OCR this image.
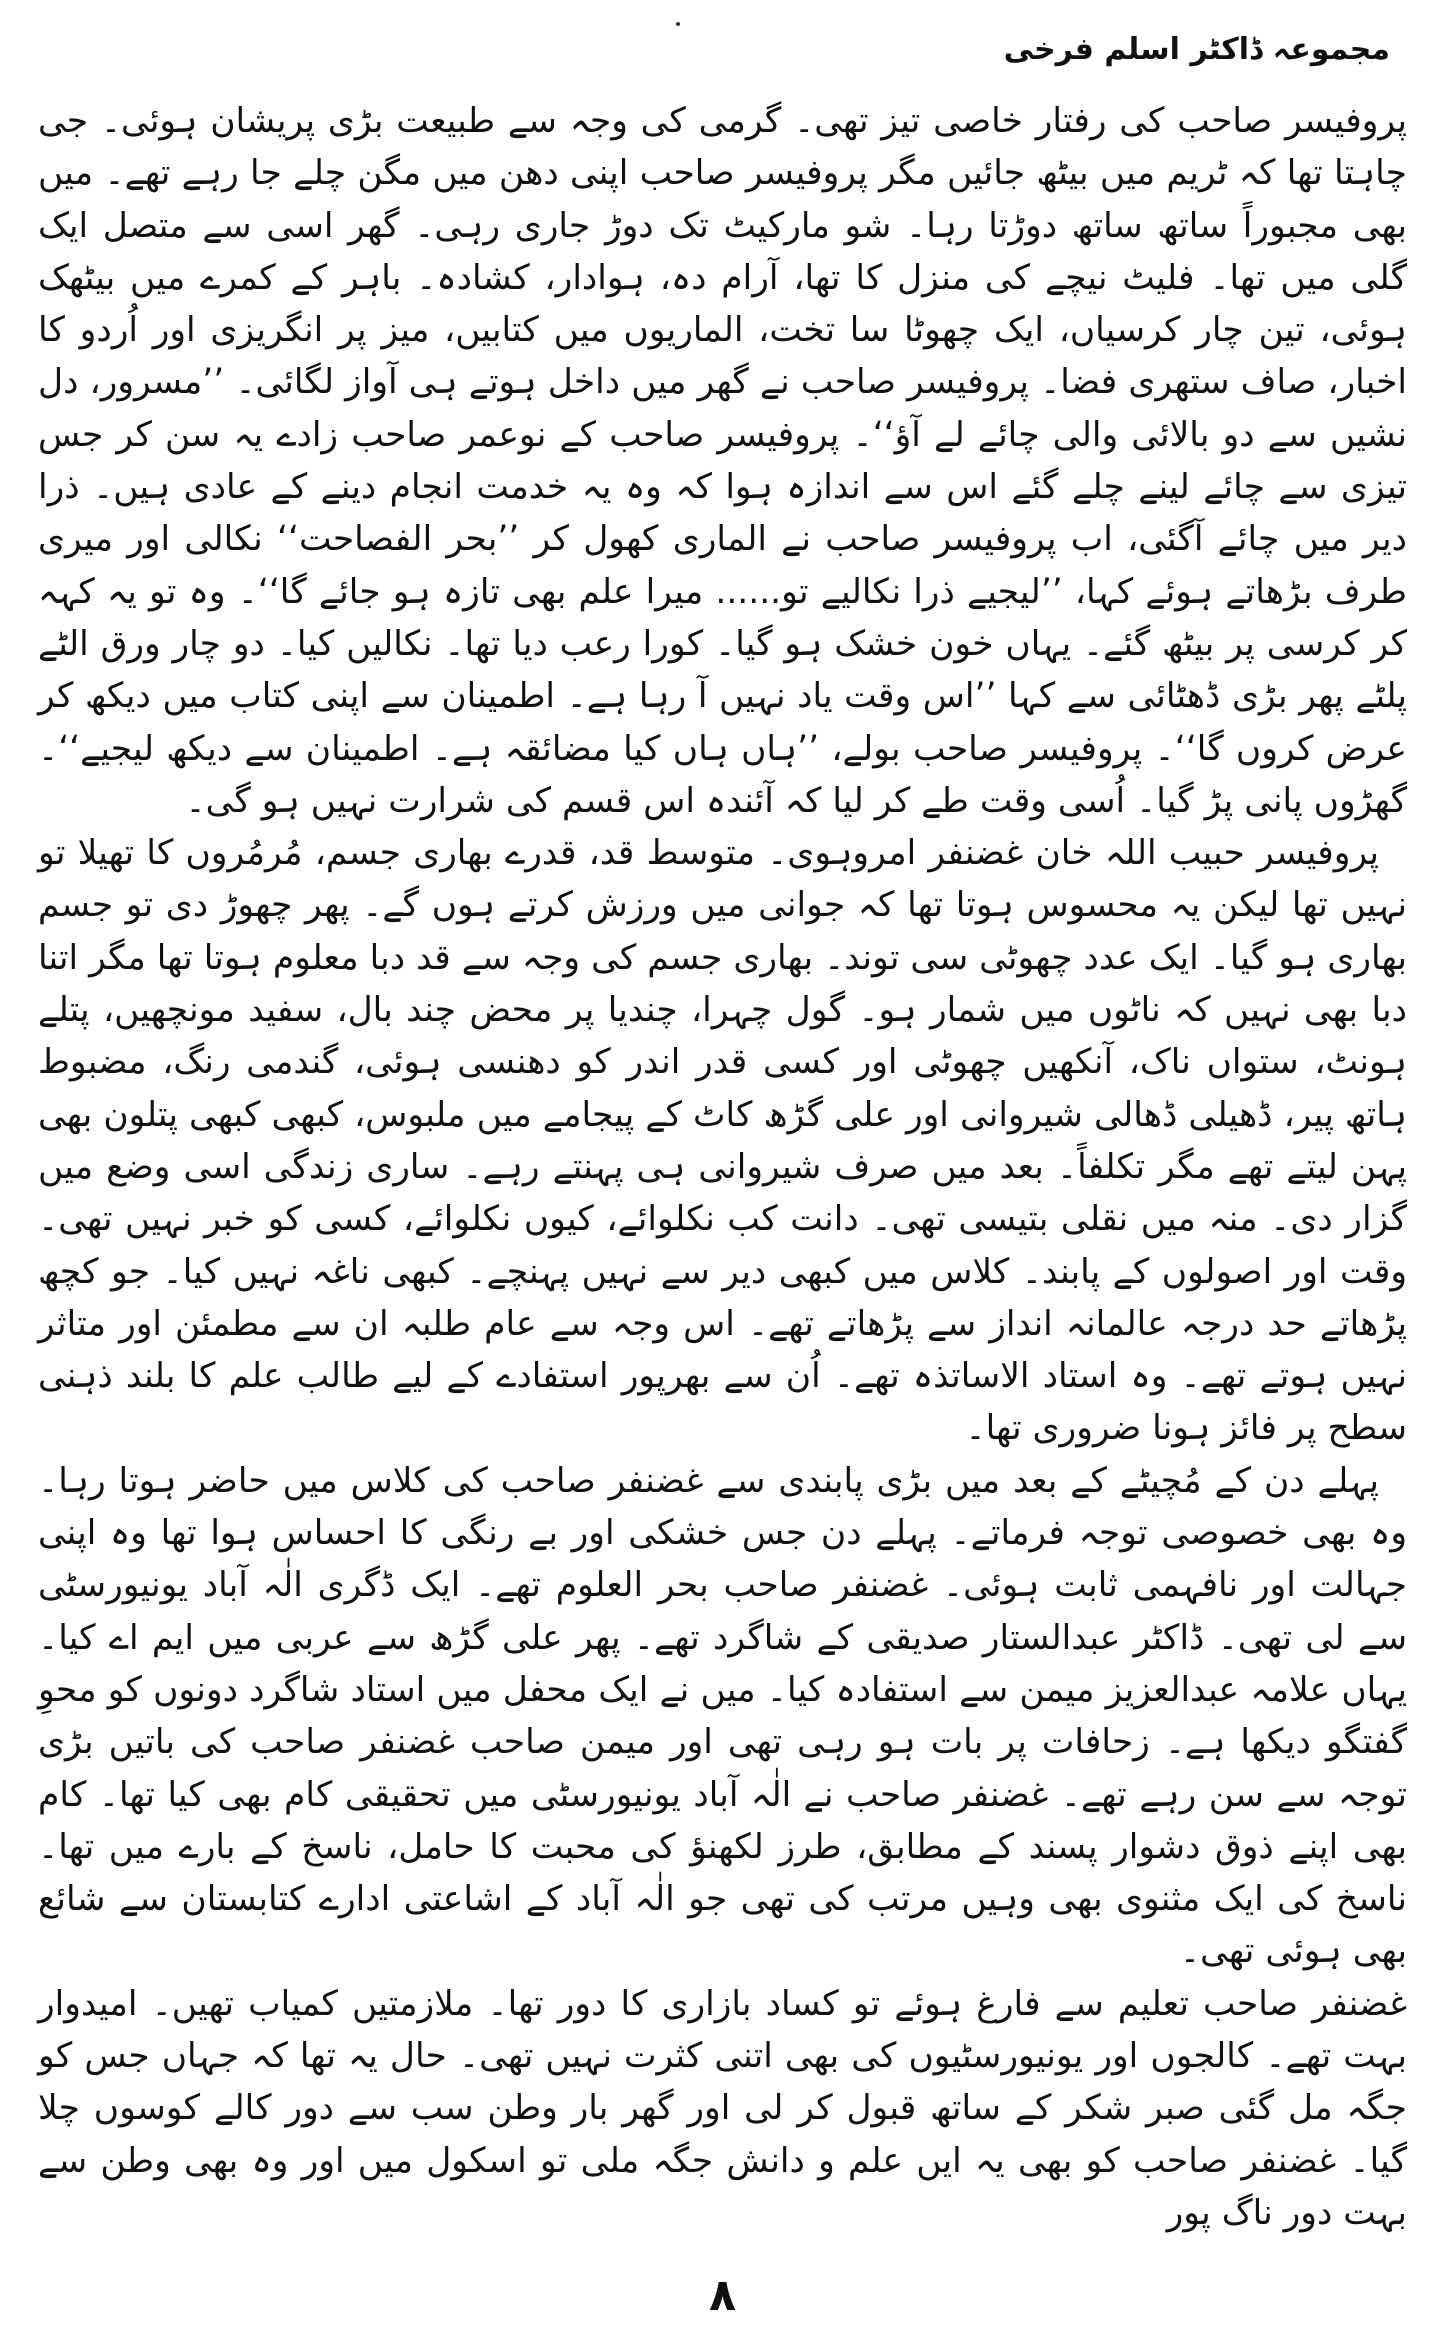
مجموعہ ڈاکٹر اسلم فرخی

پروفیسر صاحب کی رفتار خاصی تیز تھی۔ گرمی کی وجہ سے طبیعت بڑی پریشان ہوئی۔ جی چاہتا تھا کہ ٹریم میں بیٹھ جائیں مگر پروفیسر صاحب اپنی دھن میں مگن چلے جا رہے تھے۔ میں بھی مجبوراً ساتھ ساتھ دوڑتا رہا۔ شو مارکیٹ تک دوڑ جاری رہی۔ گھر اسی سے متصل ایک گلی میں تھا۔ فلیٹ نیچے کی منزل کا تھا، آرام دہ، ہوادار، کشادہ۔ باہر کے کمرے میں بیٹھک ہوئی، تین چار کرسیاں، ایک چھوٹا سا تخت، الماریوں میں کتابیں، میز پر انگریزی اور اُردو کا اخبار، صاف ستھری فضا۔ پروفیسر صاحب نے گھر میں داخل ہوتے ہی آواز لگائی۔ ’’مسرور، دل نشیں سے دو بالائی والی چائے لے آؤ‘‘۔ پروفیسر صاحب کے نوعمر صاحب زادے یہ سن کر جس تیزی سے چائے لینے چلے گئے اس سے اندازہ ہوا کہ وہ یہ خدمت انجام دینے کے عادی ہیں۔ ذرا دیر میں چائے آگئی، اب پروفیسر صاحب نے الماری کھول کر ’’بحر الفصاحت‘‘ نکالی اور میری طرف بڑھاتے ہوئے کہا، ’’لیجیے ذرا نکالیے تو...... میرا علم بھی تازہ ہو جائے گا‘‘۔ وہ تو یہ کہہ کر کرسی پر بیٹھ گئے۔ یہاں خون خشک ہو گیا۔ کورا رعب دیا تھا۔ نکالیں کیا۔ دو چار ورق الٹے پلٹے پھر بڑی ڈھٹائی سے کہا ’’اس وقت یاد نہیں آ رہا ہے۔ اطمینان سے اپنی کتاب میں دیکھ کر عرض کروں گا‘‘۔ پروفیسر صاحب بولے، ’’ہاں ہاں کیا مضائقہ ہے۔ اطمینان سے دیکھ لیجیے‘‘۔ گھڑوں پانی پڑ گیا۔ اُسی وقت طے کر لیا کہ آئندہ اس قسم کی شرارت نہیں ہو گی۔

پروفیسر حبیب اللہ خان غضنفر امروہوی۔ متوسط قد، قدرے بھاری جسم، مُرمُروں کا تھیلا تو نہیں تھا لیکن یہ محسوس ہوتا تھا کہ جوانی میں ورزش کرتے ہوں گے۔ پھر چھوڑ دی تو جسم بھاری ہو گیا۔ ایک عدد چھوٹی سی توند۔ بھاری جسم کی وجہ سے قد دبا معلوم ہوتا تھا مگر اتنا دبا بھی نہیں کہ ناٹوں میں شمار ہو۔ گول چہرا، چندیا پر محض چند بال، سفید مونچھیں، پتلے ہونٹ، ستواں ناک، آنکھیں چھوٹی اور کسی قدر اندر کو دھنسی ہوئی، گندمی رنگ، مضبوط ہاتھ پیر، ڈھیلی ڈھالی شیروانی اور علی گڑھ کاٹ کے پیجامے میں ملبوس، کبھی کبھی پتلون بھی پہن لیتے تھے مگر تکلفاً۔ بعد میں صرف شیروانی ہی پہنتے رہے۔ ساری زندگی اسی وضع میں گزار دی۔ منہ میں نقلی بتیسی تھی۔ دانت کب نکلوائے، کیوں نکلوائے، کسی کو خبر نہیں تھی۔ وقت اور اصولوں کے پابند۔ کلاس میں کبھی دیر سے نہیں پہنچے۔ کبھی ناغہ نہیں کیا۔ جو کچھ پڑھاتے حد درجہ عالمانہ انداز سے پڑھاتے تھے۔ اس وجہ سے عام طلبہ ان سے مطمئن اور متاثر نہیں ہوتے تھے۔ وہ استاد الاساتذہ تھے۔ اُن سے بھرپور استفادے کے لیے طالب علم کا بلند ذہنی سطح پر فائز ہونا ضروری تھا۔

پہلے دن کے مُچیٹے کے بعد میں بڑی پابندی سے غضنفر صاحب کی کلاس میں حاضر ہوتا رہا۔ وہ بھی خصوصی توجہ فرماتے۔ پہلے دن جس خشکی اور بے رنگی کا احساس ہوا تھا وہ اپنی جہالت اور نافہمی ثابت ہوئی۔ غضنفر صاحب بحر العلوم تھے۔ ایک ڈگری الٰہ آباد یونیورسٹی سے لی تھی۔ ڈاکٹر عبدالستار صدیقی کے شاگرد تھے۔ پھر علی گڑھ سے عربی میں ایم اے کیا۔ یہاں علامہ عبدالعزیز میمن سے استفادہ کیا۔ میں نے ایک محفل میں استاد شاگرد دونوں کو محوِ گفتگو دیکھا ہے۔ زحافات پر بات ہو رہی تھی اور میمن صاحب غضنفر صاحب کی باتیں بڑی توجہ سے سن رہے تھے۔ غضنفر صاحب نے الٰہ آباد یونیورسٹی میں تحقیقی کام بھی کیا تھا۔ کام بھی اپنے ذوق دشوار پسند کے مطابق، طرز لکھنؤ کی محبت کا حامل، ناسخ کے بارے میں تھا۔ ناسخ کی ایک مثنوی بھی وہیں مرتب کی تھی جو الٰہ آباد کے اشاعتی ادارے کتابستان سے شائع بھی ہوئی تھی۔

غضنفر صاحب تعلیم سے فارغ ہوئے تو کساد بازاری کا دور تھا۔ ملازمتیں کمیاب تھیں۔ امیدوار بہت تھے۔ کالجوں اور یونیورسٹیوں کی بھی اتنی کثرت نہیں تھی۔ حال یہ تھا کہ جہاں جس کو جگہ مل گئی صبر شکر کے ساتھ قبول کر لی اور گھر بار وطن سب سے دور کالے کوسوں چلا گیا۔ غضنفر صاحب کو بھی یہ ایں علم و دانش جگہ ملی تو اسکول میں اور وہ بھی وطن سے بہت دور ناگ پور

۸
